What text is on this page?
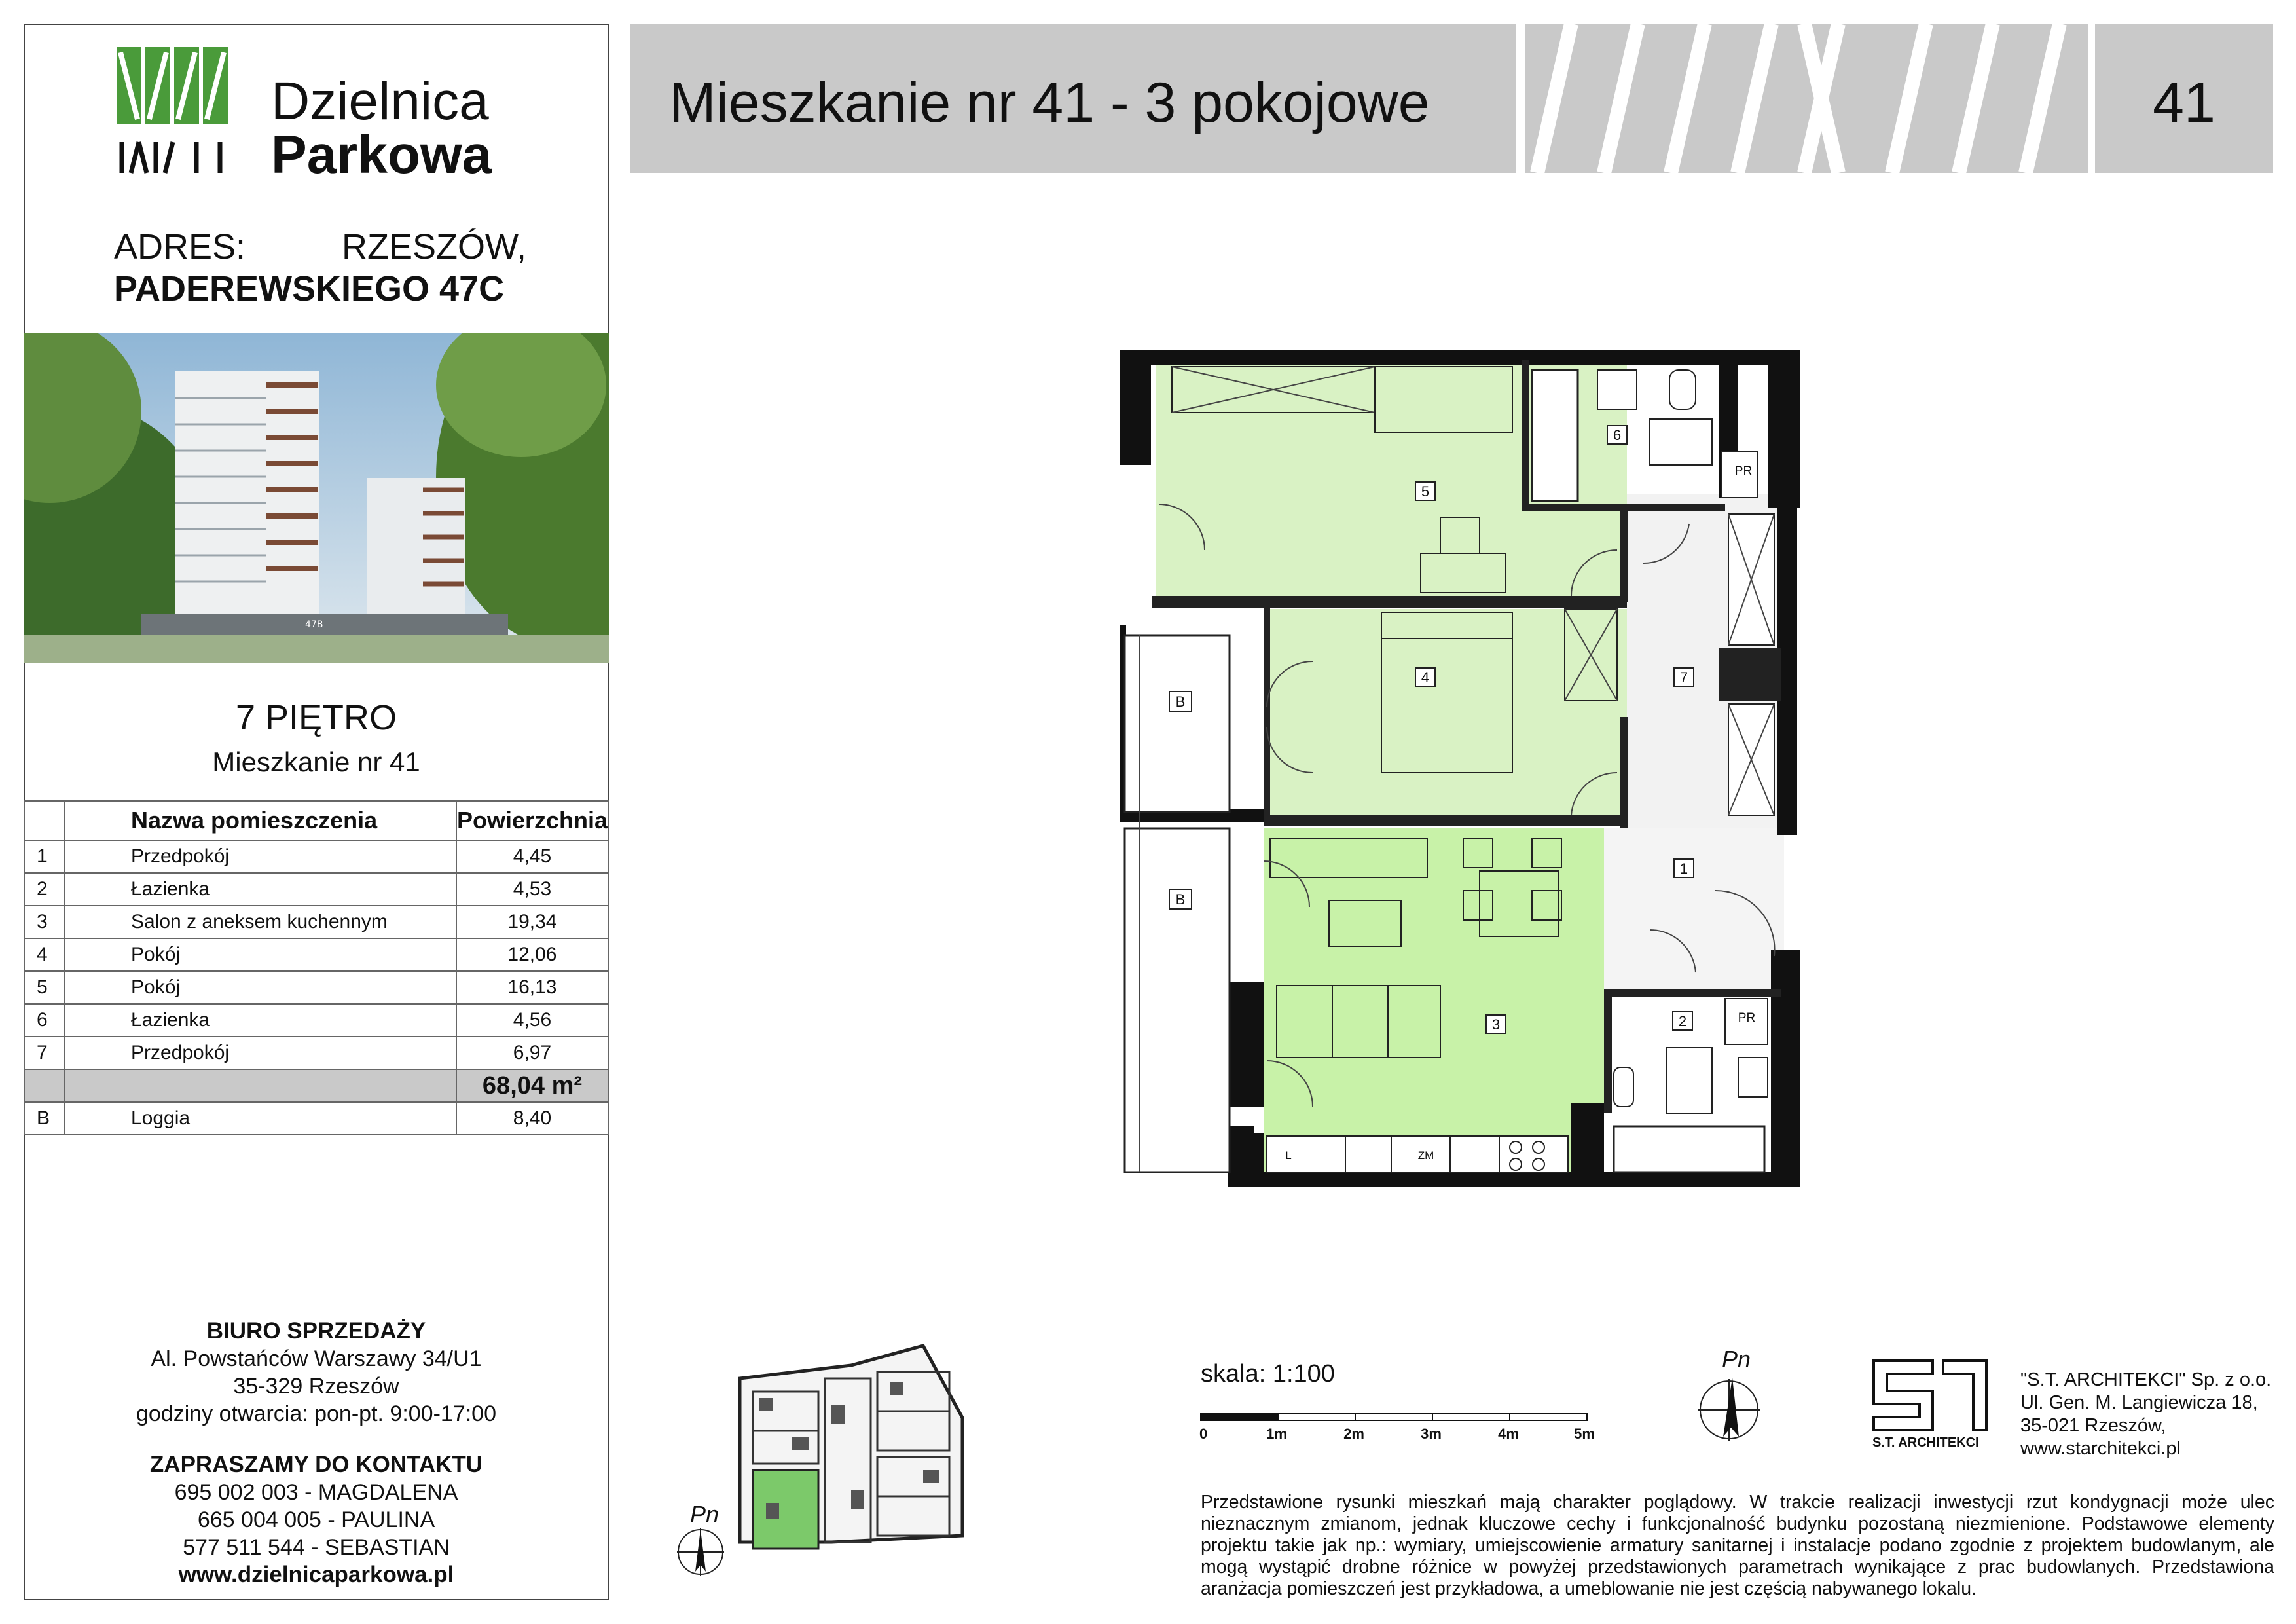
Dzielnica
Parkowa
ADRES:	RZESZÓW,
PADEREWSKIEGO 47C
47B
7 PIĘTRO
Mieszkanie nr 41
	Nazwa pomieszczenia	Powierzchnia
1	Przedpokój	4,45
2	Łazienka	4,53
3	Salon z aneksem kuchennym	19,34
4	Pokój	12,06
5	Pokój	16,13
6	Łazienka	4,56
7	Przedpokój	6,97
		68,04 m²
B	Loggia	8,40
BIURO SPRZEDAŻY
Al. Powstańców Warszawy 34/U1
35-329 Rzeszów
godziny otwarcia: pon-pt. 9:00-17:00
ZAPRASZAMY DO KONTAKTU
695 002 003 - MAGDALENA
665 004 005 - PAULINA
577 511 544 - SEBASTIAN
www.dzielnicaparkowa.pl
Mieszkanie nr 41 - 3 pokojowe	41
5
4
3
7
1
6
2
B
B
PR
PR
L	ZM
Pn
skala: 1:100
0	1m	2m	3m	4m	5m
Pn
S.T. ARCHITEKCI
"S.T. ARCHITEKCI" Sp. z o.o.
Ul. Gen. M. Langiewicza 18,
35-021 Rzeszów,
www.starchitekci.pl
Przedstawione rysunki mieszkań mają charakter poglądowy. W trakcie realizacji inwestycji rzut kondygnacji może ulec nieznacznym zmianom, jednak kluczowe cechy i funkcjonalność budynku pozostaną niezmienione. Podstawowe elementy projektu takie jak np.: wymiary, umiejscowienie armatury sanitarnej i instalacje podano zgodnie z projektem budowlanym, ale mogą wystąpić drobne różnice w powyżej przedstawionych parametrach wynikające z prac budowlanych. Przedstawiona aranżacja pomieszczeń jest przykładowa, a umeblowanie nie jest częścią nabywanego lokalu.
